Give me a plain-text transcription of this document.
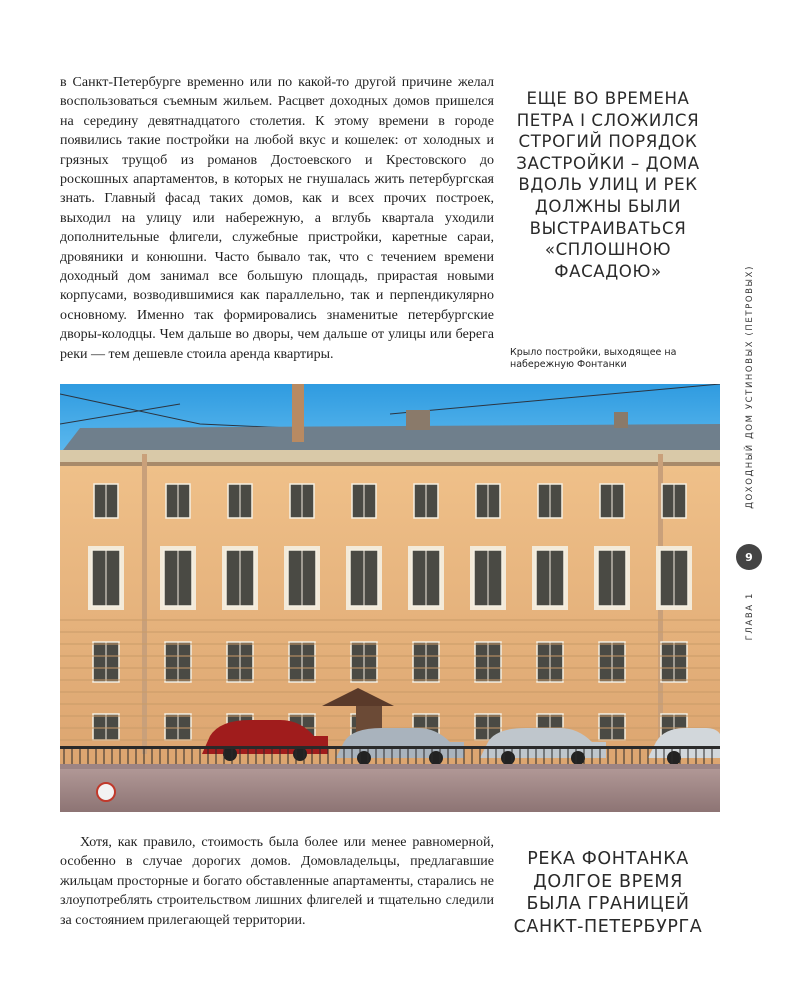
в Санкт-Петербурге временно или по какой-то другой причине желал воспользоваться съемным жильем. Расцвет доходных домов пришелся на середину девятнадцатого столетия. К этому времени в городе появились такие постройки на любой вкус и кошелек: от холодных и грязных трущоб из романов Достоевского и Крестовского до роскошных апартаментов, в которых не гнушалась жить петербургская знать. Главный фасад таких домов, как и всех прочих построек, выходил на улицу или набережную, а вглубь квартала уходили дополнительные флигели, служебные пристройки, каретные сараи, дровяники и конюшни. Часто бывало так, что с течением времени доходный дом занимал все большую площадь, прирастая новыми корпусами, возводившимися как параллельно, так и перпендикулярно основному. Именно так формировались знаменитые петербургские дворы-колодцы. Чем дальше во дворы, чем дальше от улицы или берега реки — тем дешевле стоила аренда квартиры.

ЕЩЕ ВО ВРЕМЕНА ПЕТРА I СЛОЖИЛСЯ СТРОГИЙ ПОРЯДОК ЗАСТРОЙКИ – ДОМА ВДОЛЬ УЛИЦ И РЕК ДОЛЖНЫ БЫЛИ ВЫСТРАИВАТЬСЯ «СПЛОШНОЮ ФАСАДОЮ»

Крыло постройки, выходящее на набережную Фонтанки	ДОХОДНЫЙ ДОМ УСТИНОВЫХ (ПЕТРОВЫХ)
9
ГЛАВА 1

Хотя, как правило, стоимость была более или менее равномерной, особенно в случае дорогих домов. Домовладельцы, предлагавшие жильцам просторные и богато обставленные апартаменты, старались не злоупотреблять строительством лишних флигелей и тщательно следили за состоянием прилегающей территории.

РЕКА ФОНТАНКА ДОЛГОЕ ВРЕМЯ БЫЛА ГРАНИЦЕЙ САНКТ-ПЕТЕРБУРГА
